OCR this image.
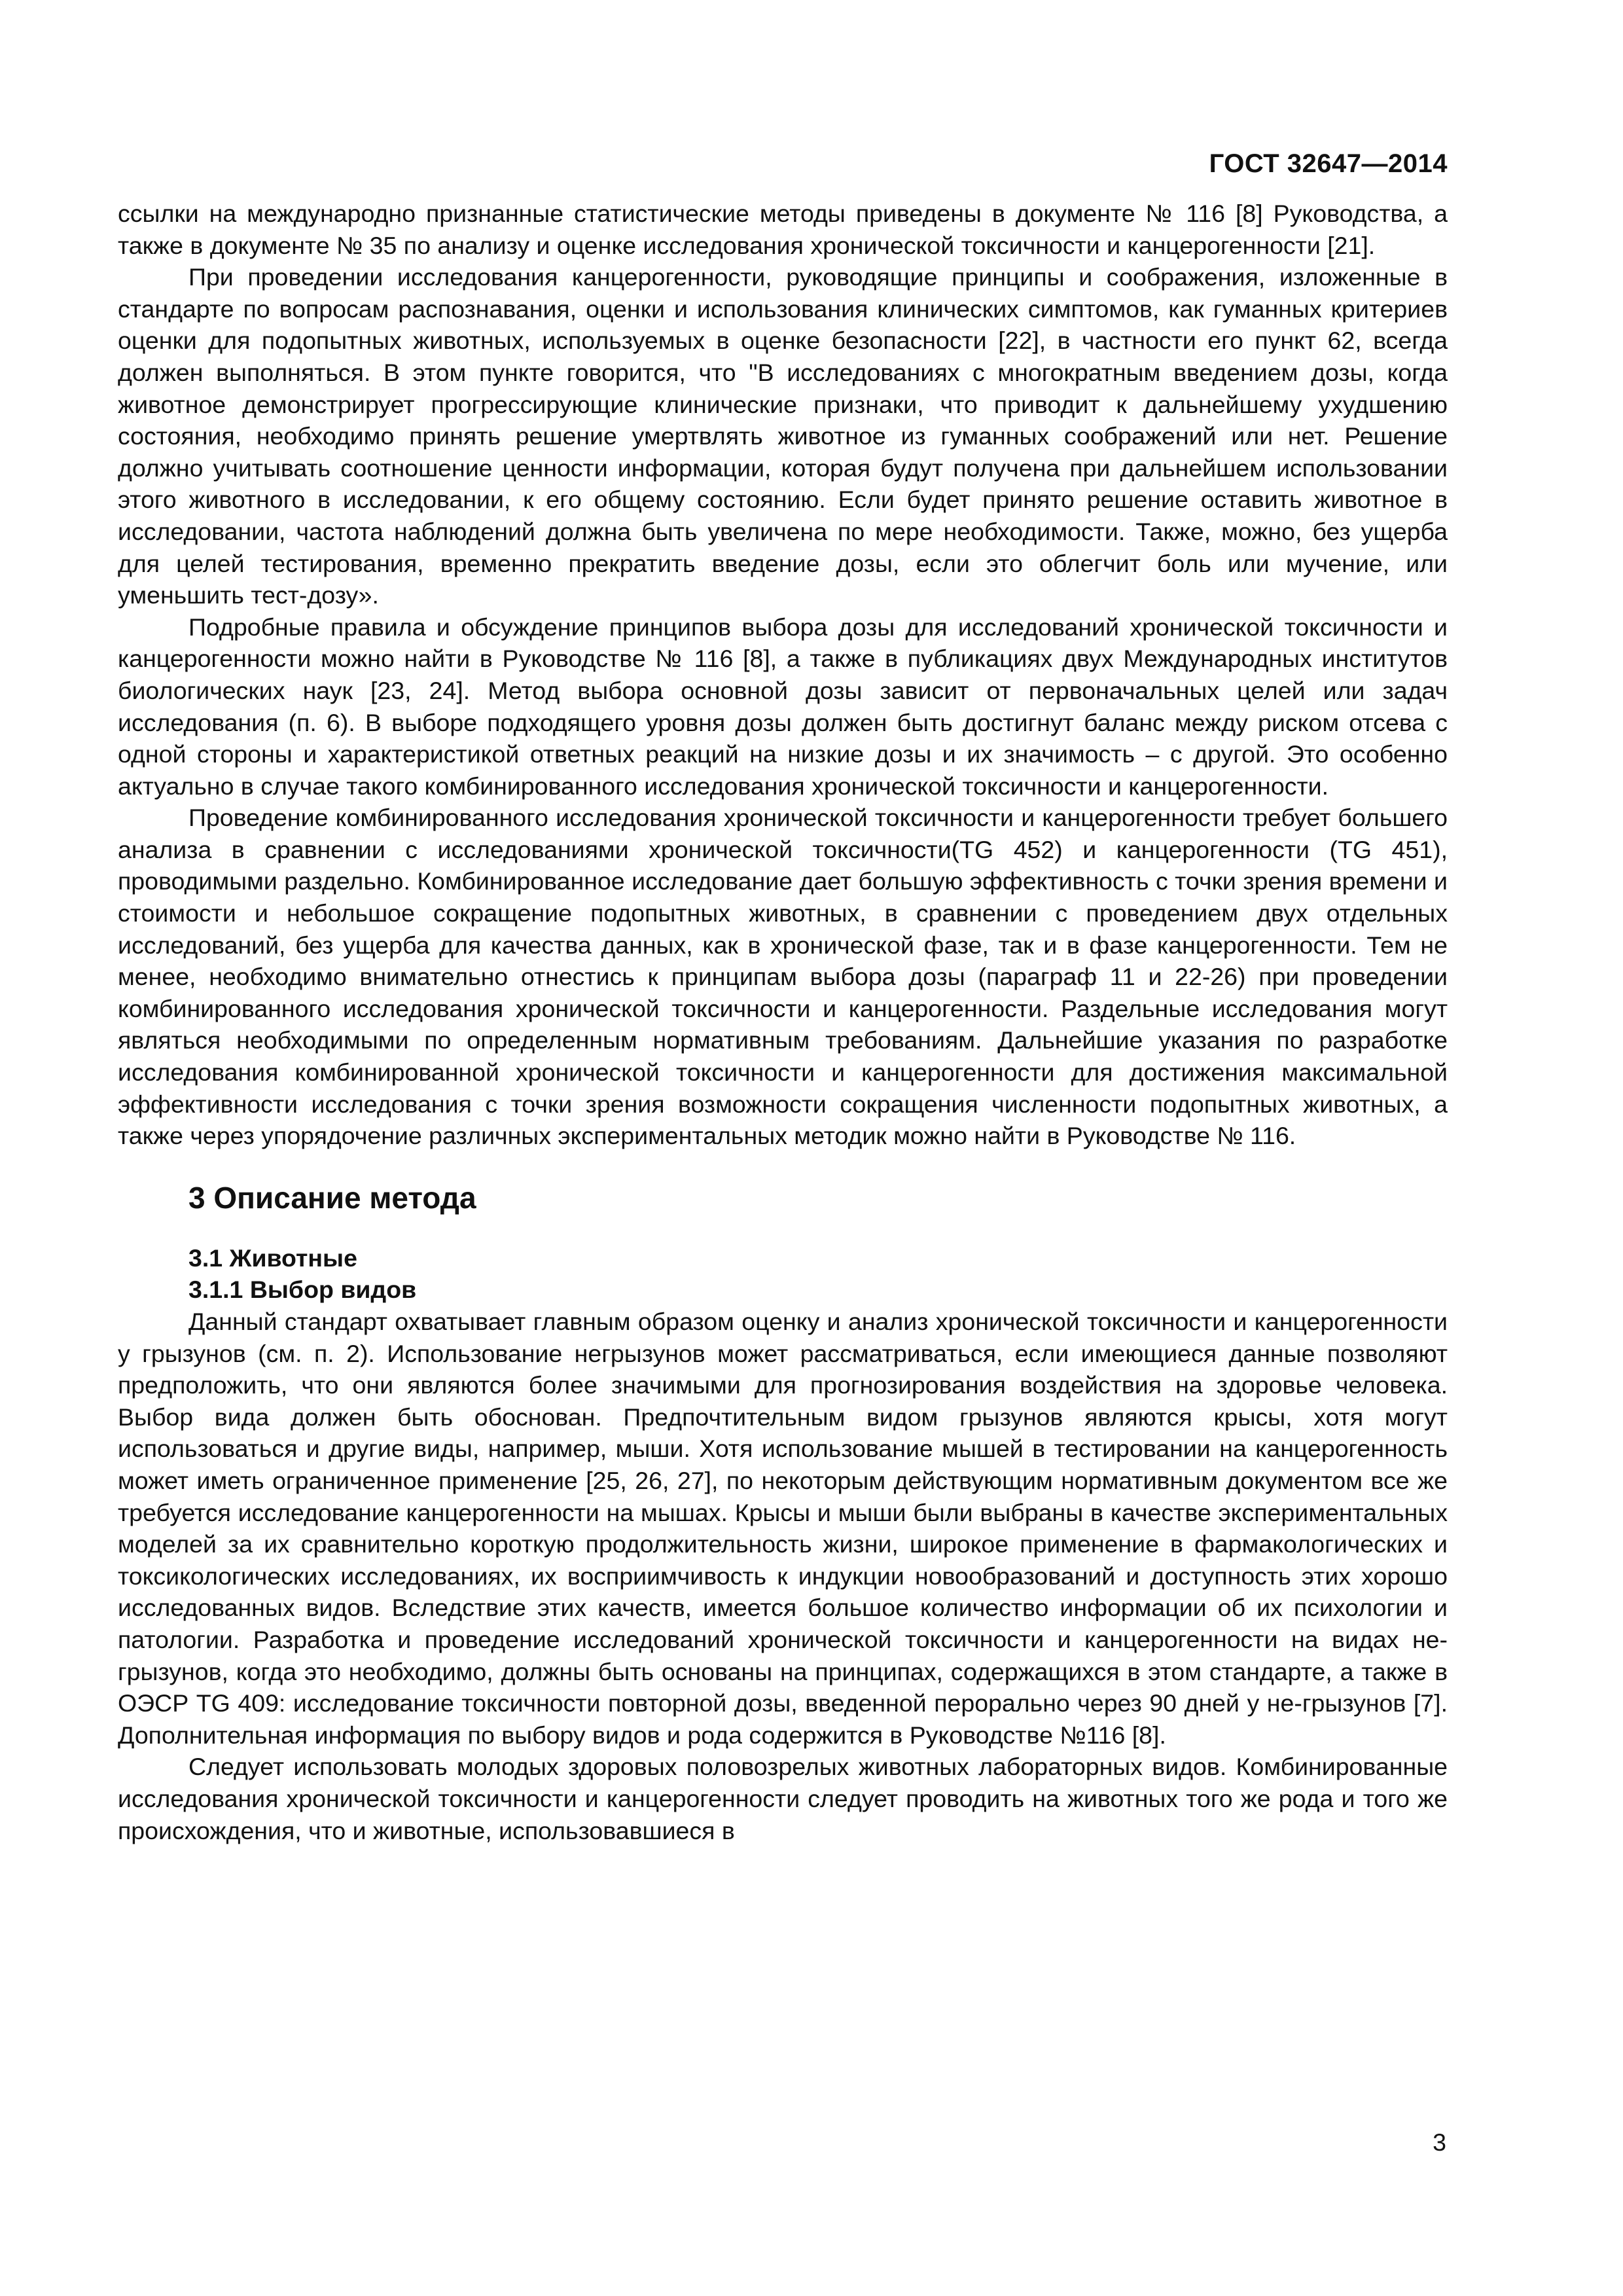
ГОСТ 32647—2014

ссылки на международно признанные статистические методы приведены в документе № 116 [8] Руководства, а также в документе № 35 по анализу и оценке исследования хронической токсичности и канцерогенности [21].

При проведении исследования канцерогенности, руководящие принципы и соображения, изложенные в стандарте по вопросам распознавания, оценки и использования клинических симптомов, как гуманных критериев оценки для подопытных животных, используемых в оценке безопасности [22], в частности его пункт 62, всегда должен выполняться. В этом пункте говорится, что "В исследованиях с многократным введением дозы, когда животное демонстрирует прогрессирующие клинические признаки, что приводит к дальнейшему ухудшению состояния, необходимо принять решение умертвлять животное из гуманных соображений или нет. Решение должно учитывать соотношение ценности информации, которая будут получена при дальнейшем использовании этого животного в исследовании, к его общему состоянию. Если будет принято решение оставить животное в исследовании, частота наблюдений должна быть увеличена по мере необходимости. Также, можно, без ущерба для целей тестирования, временно прекратить введение дозы, если это облегчит боль или мучение, или уменьшить тест-дозу».

Подробные правила и обсуждение принципов выбора дозы для исследований хронической токсичности и канцерогенности можно найти в Руководстве № 116 [8], а также в публикациях двух Международных институтов биологических наук [23, 24]. Метод выбора основной дозы зависит от первоначальных целей или задач исследования (п. 6). В выборе подходящего уровня дозы должен быть достигнут баланс между риском отсева с одной стороны и характеристикой ответных реакций на низкие дозы и их значимость – с другой. Это особенно актуально в случае такого комбинированного исследования хронической токсичности и канцерогенности.

Проведение комбинированного исследования хронической токсичности и канцерогенности требует большего анализа в сравнении с исследованиями хронической токсичности(TG 452) и канцерогенности (TG 451), проводимыми раздельно. Комбинированное исследование дает большую эффективность с точки зрения времени и стоимости и небольшое сокращение подопытных животных, в сравнении с проведением двух отдельных исследований, без ущерба для качества данных, как в хронической фазе, так и в фазе канцерогенности. Тем не менее, необходимо внимательно отнестись к принципам выбора дозы (параграф 11 и 22-26) при проведении комбинированного исследования хронической токсичности и канцерогенности. Раздельные исследования могут являться необходимыми по определенным нормативным требованиям. Дальнейшие указания по разработке исследования комбинированной хронической токсичности и канцерогенности для достижения максимальной эффективности исследования с точки зрения возможности сокращения численности подопытных животных, а также через упорядочение различных экспериментальных методик можно найти в Руководстве № 116.

3 Описание метода
3.1 Животные
3.1.1 Выбор видов

Данный стандарт охватывает главным образом оценку и анализ хронической токсичности и канцерогенности у грызунов (см. п. 2). Использование негрызунов может рассматриваться, если имеющиеся данные позволяют предположить, что они являются более значимыми для прогнозирования воздействия на здоровье человека. Выбор вида должен быть обоснован. Предпочтительным видом грызунов являются крысы, хотя могут использоваться и другие виды, например, мыши. Хотя использование мышей в тестировании на канцерогенность может иметь ограниченное применение [25, 26, 27], по некоторым действующим нормативным документом все же требуется исследование канцерогенности на мышах. Крысы и мыши были выбраны в качестве экспериментальных моделей за их сравнительно короткую продолжительность жизни, широкое применение в фармакологических и токсикологических исследованиях, их восприимчивость к индукции новообразований и доступность этих хорошо исследованных видов. Вследствие этих качеств, имеется большое количество информации об их психологии и патологии. Разработка и проведение исследований хронической токсичности и канцерогенности на видах не-грызунов, когда это необходимо, должны быть основаны на принципах, содержащихся в этом стандарте, а также в ОЭСР TG 409: исследование токсичности повторной дозы, введенной перорально через 90 дней у не-грызунов [7]. Дополнительная информация по выбору видов и рода содержится в Руководстве №116 [8].

Следует использовать молодых здоровых половозрелых животных лабораторных видов. Комбинированные исследования хронической токсичности и канцерогенности следует проводить на животных того же рода и того же происхождения, что и животные, использовавшиеся в

3
